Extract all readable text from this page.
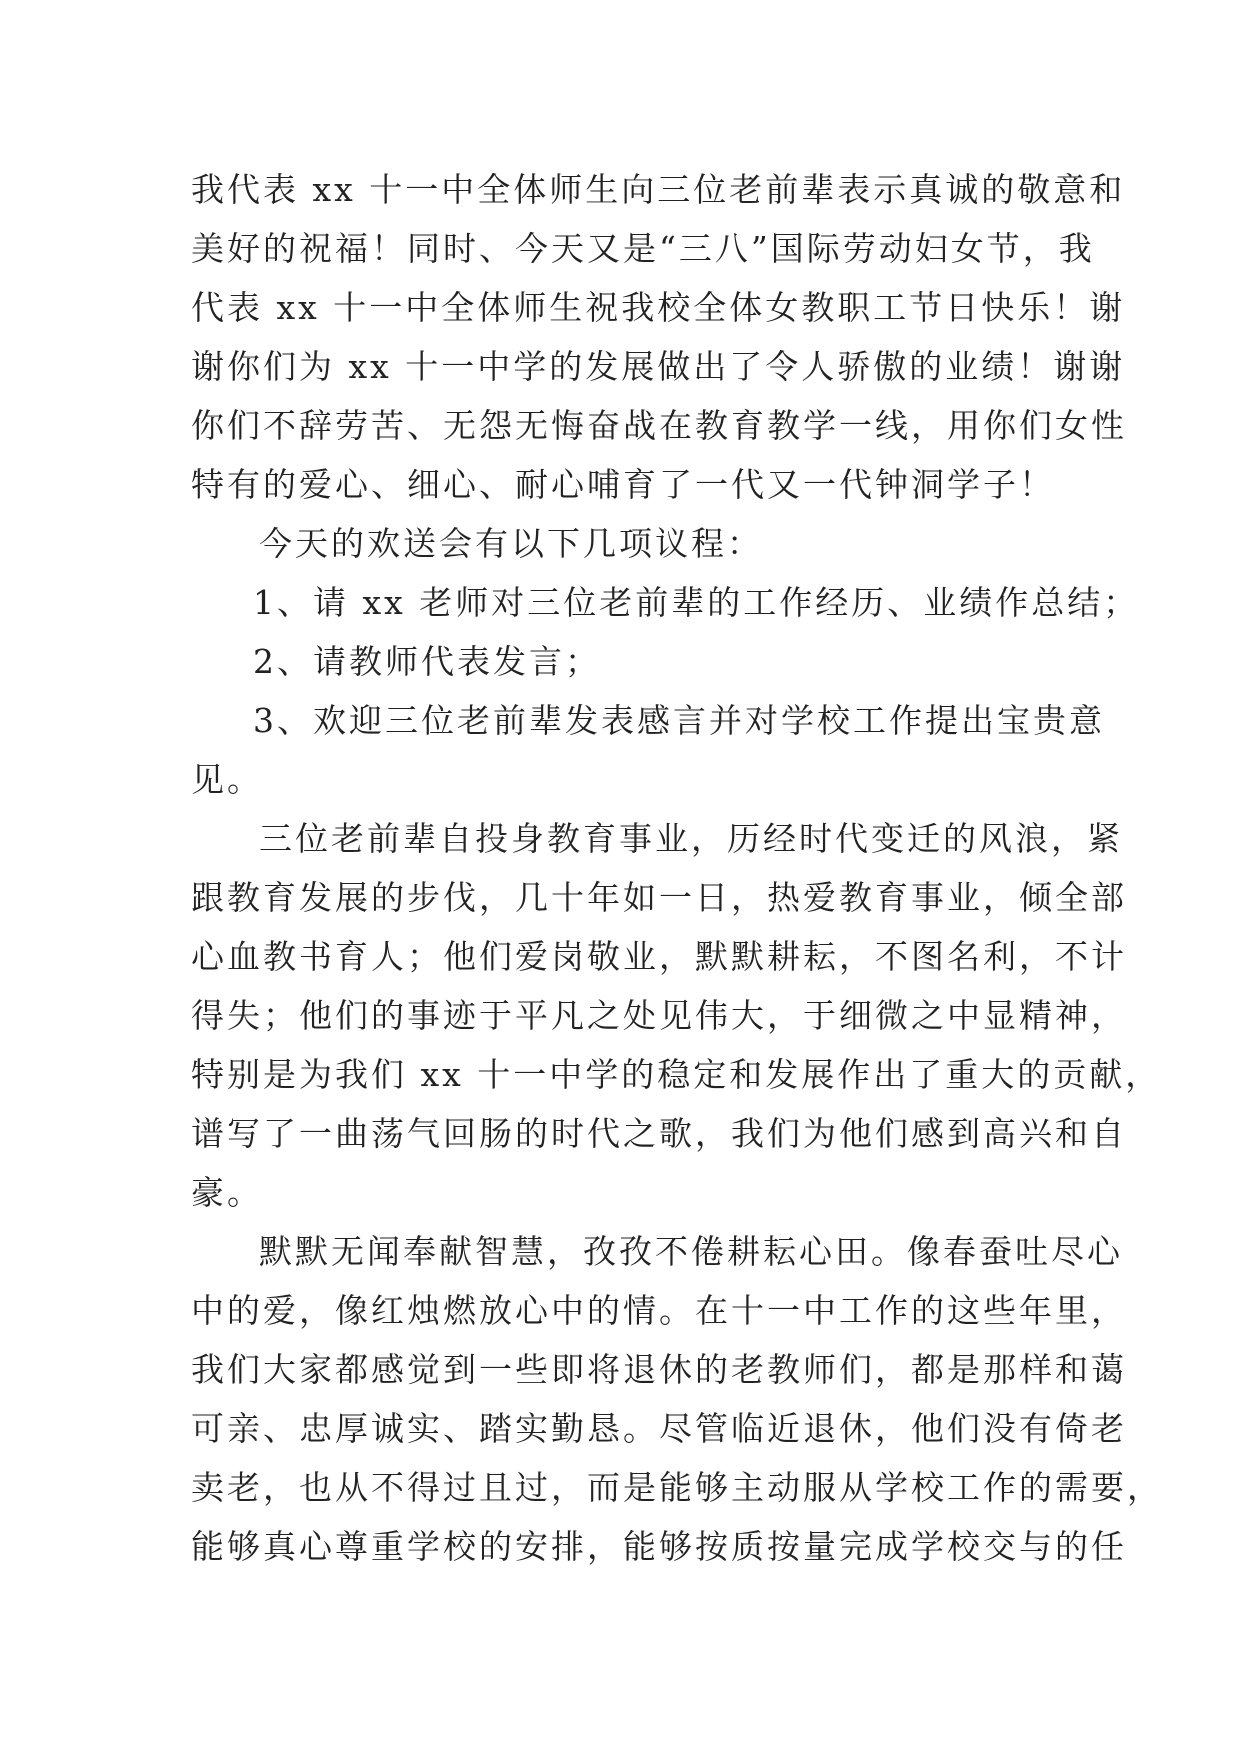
我代表 xx 十一中全体师生向三位老前辈表示真诚的敬意和

美好的祝福！同时、今天又是“三八”国际劳动妇女节，我

代表 xx 十一中全体师生祝我校全体女教职工节日快乐！谢

谢你们为 xx 十一中学的发展做出了令人骄傲的业绩！谢谢

你们不辞劳苦、无怨无悔奋战在教育教学一线，用你们女性

特有的爱心、细心、耐心哺育了一代又一代钟洞学子！

今天的欢送会有以下几项议程：

1、请 xx 老师对三位老前辈的工作经历、业绩作总结；

2、请教师代表发言；

3、欢迎三位老前辈发表感言并对学校工作提出宝贵意

见。

三位老前辈自投身教育事业，历经时代变迁的风浪，紧

跟教育发展的步伐，几十年如一日，热爱教育事业，倾全部

心血教书育人；他们爱岗敬业，默默耕耘，不图名利，不计

得失；他们的事迹于平凡之处见伟大，于细微之中显精神，

特别是为我们 xx 十一中学的稳定和发展作出了重大的贡献，

谱写了一曲荡气回肠的时代之歌，我们为他们感到高兴和自

豪。

默默无闻奉献智慧，孜孜不倦耕耘心田。像春蚕吐尽心

中的爱，像红烛燃放心中的情。在十一中工作的这些年里，

我们大家都感觉到一些即将退休的老教师们，都是那样和蔼

可亲、忠厚诚实、踏实勤恳。尽管临近退休，他们没有倚老

卖老，也从不得过且过，而是能够主动服从学校工作的需要，

能够真心尊重学校的安排，能够按质按量完成学校交与的任
